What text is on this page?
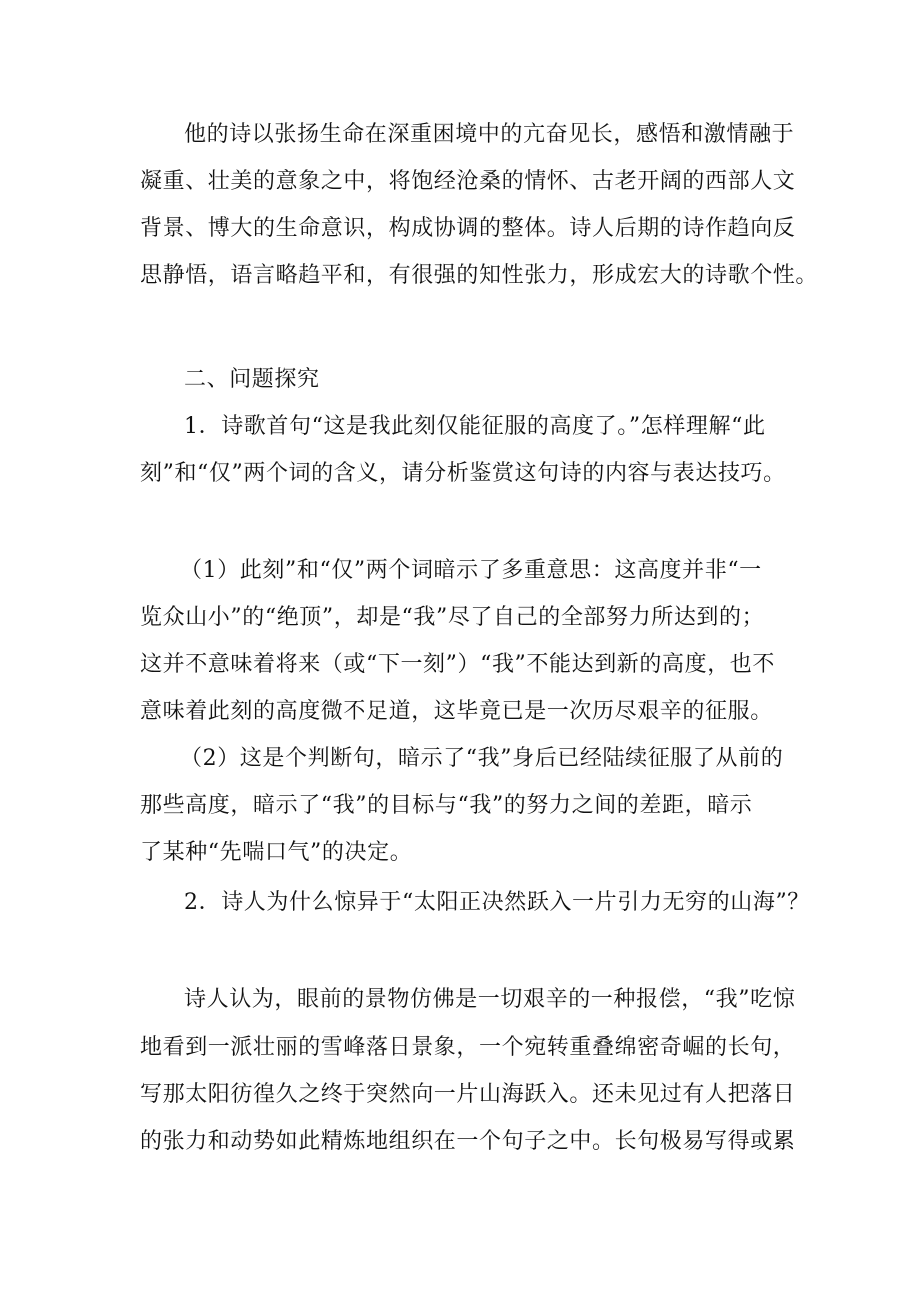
他的诗以张扬生命在深重困境中的亢奋见长，感悟和激情融于
凝重、壮美的意象之中，将饱经沧桑的情怀、古老开阔的西部人文
背景、博大的生命意识，构成协调的整体。诗人后期的诗作趋向反
思静悟，语言略趋平和，有很强的知性张力，形成宏大的诗歌个性。
二、问题探究
1．诗歌首句“这是我此刻仅能征服的高度了。”怎样理解“此
刻”和“仅”两个词的含义，请分析鉴赏这句诗的内容与表达技巧。
（1）此刻”和“仅”两个词暗示了多重意思：这高度并非“一
览众山小”的“绝顶”，却是“我”尽了自己的全部努力所达到的；
这并不意味着将来（或“下一刻”）“我”不能达到新的高度，也不
意味着此刻的高度微不足道，这毕竟已是一次历尽艰辛的征服。
（2）这是个判断句，暗示了“我”身后已经陆续征服了从前的
那些高度，暗示了“我”的目标与“我”的努力之间的差距，暗示
了某种“先喘口气”的决定。
2．诗人为什么惊异于“太阳正决然跃入一片引力无穷的山海”？
诗人认为，眼前的景物仿佛是一切艰辛的一种报偿，“我”吃惊
地看到一派壮丽的雪峰落日景象，一个宛转重叠绵密奇崛的长句，
写那太阳彷徨久之终于突然向一片山海跃入。还未见过有人把落日
的张力和动势如此精炼地组织在一个句子之中。长句极易写得或累
